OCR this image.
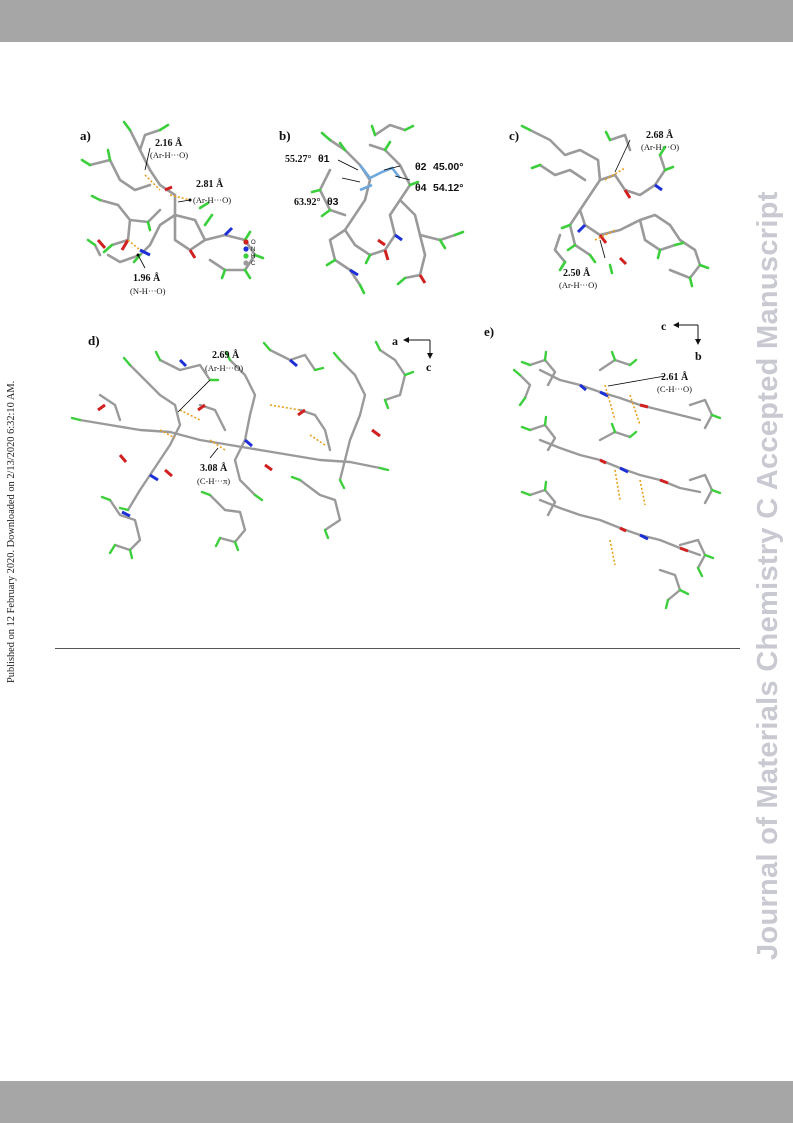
Published on 12 February 2020. Downloaded on 2/13/2020 6:32:10 AM.	Journal of Materials Chemistry C Accepted Manuscript
a)
2.16 Å
(Ar-H···O)
2.81 Å
(Ar-H···O)
1.96 Å
(N-H···O)
O
N
H
C
b)
55.27° θ1
θ2 45.00°
63.92° θ3
θ4 54.12°
c)	2.68 Å
(Ar-H···O)
2.50 Å
(Ar-H···O)
d)
2.69 Å
(Ar-H···O)
3.08 Å
(C-H···π)
a
c
e)
2.61 Å
(C-H···O)
c
b
